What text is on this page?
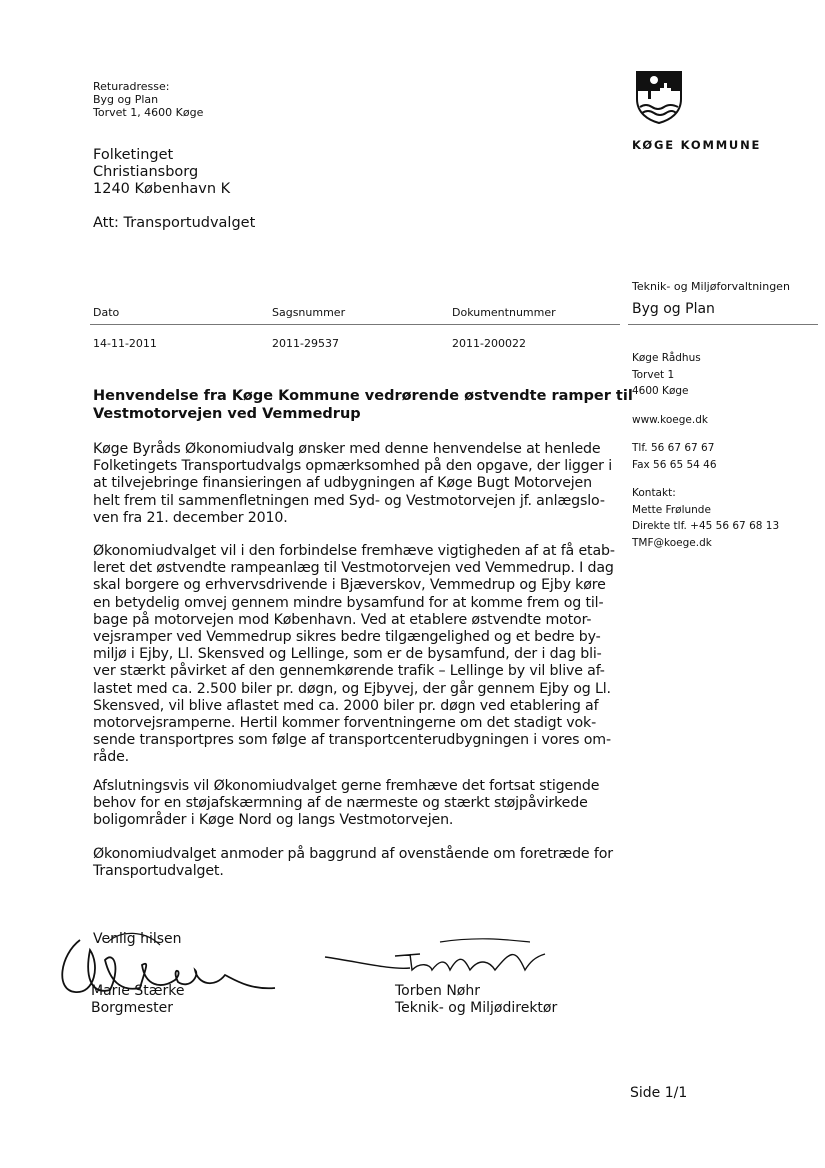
Returadresse:
Byg og Plan
Torvet 1, 4600 Køge
KØGE KOMMUNE
Folketinget
Christiansborg
1240 København K
Att: Transportudvalget
Teknik- og Miljøforvaltningen
Byg og Plan
Dato	Sagsnummer	Dokumentnummer
14-11-2011	2011-29537	2011-200022
Køge Rådhus
Torvet 1
4600 Køge
www.koege.dk
Tlf. 56 67 67 67
Fax 56 65 54 46
Kontakt:
Mette Frølunde
Direkte tlf. +45 56 67 68 13
TMF@koege.dk
Henvendelse fra Køge Kommune vedrørende østvendte ramper til Vestmotorvejen ved Vemmedrup
Køge Byråds Økonomiudvalg ønsker med denne henvendelse at henlede
Folketingets Transportudvalgs opmærksomhed på den opgave, der ligger i
at tilvejebringe finansieringen af udbygningen af Køge Bugt Motorvejen
helt frem til sammenfletningen med Syd- og Vestmotorvejen jf. anlægslo-
ven fra 21. december 2010.
Økonomiudvalget vil i den forbindelse fremhæve vigtigheden af at få etab-
leret det østvendte rampeanlæg til Vestmotorvejen ved Vemmedrup. I dag
skal borgere og erhvervsdrivende i Bjæverskov, Vemmedrup og Ejby køre
en betydelig omvej gennem mindre bysamfund for at komme frem og til-
bage på motorvejen mod København. Ved at etablere østvendte motor-
vejsramper ved Vemmedrup sikres bedre tilgængelighed og et bedre by-
miljø i Ejby, Ll. Skensved og Lellinge, som er de bysamfund, der i dag bli-
ver stærkt påvirket af den gennemkørende trafik – Lellinge by vil blive af-
lastet med ca. 2.500 biler pr. døgn, og Ejbyvej, der går gennem Ejby og Ll.
Skensved, vil blive aflastet med ca. 2000 biler pr. døgn ved etablering af
motorvejsramperne. Hertil kommer forventningerne om det stadigt vok-
sende transportpres som følge af transportcenterudbygningen i vores om-
råde.
Afslutningsvis vil Økonomiudvalget gerne fremhæve det fortsat stigende
behov for en støjafskærmning af de nærmeste og stærkt støjpåvirkede
boligområder i Køge Nord og langs Vestmotorvejen.
Økonomiudvalget anmoder på baggrund af ovenstående om foretræde for
Transportudvalget.
Venlig hilsen
Marie Stærke
Borgmester
Torben Nøhr
Teknik- og Miljødirektør
Side 1/1
